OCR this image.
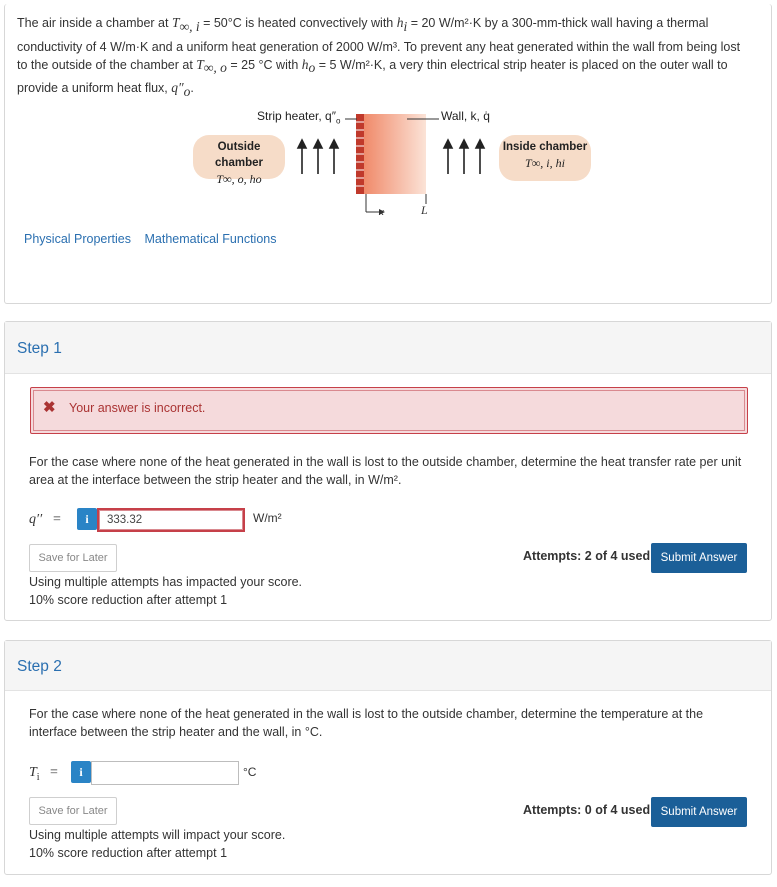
The air inside a chamber at $T_{\infty, i} = 50^\circ C$ is heated convectively with $h_i = 20$ W/m²·K by a 300-mm-thick wall having a thermal
conductivity of 4 W/m·K and a uniform heat generation of 2000 W/m³. To prevent any heat generated within the wall from being lost
to the outside of the chamber at $T_{\infty, o} = 25$ °C with $h_o = 5$ W/m²·K, a very thin electrical strip heater is placed on the outer wall to
provide a uniform heat flux, $q''_o$.
Strip heater, $q''_o$	Wall, k, q̇
Outside chamber
T∞, o, ho
Inside chamber
T∞, i, hi
x	L
Physical Properties Mathematical Functions
Step 1
✖ Your answer is incorrect.
For the case where none of the heat generated in the wall is lost to the outside chamber, determine the heat transfer rate per unit area at the interface between the strip heater and the wall, in W/m².
q′′ =	i	333.32	W/m²
Save for Later	Attempts: 2 of 4 used Submit Answer
Using multiple attempts has impacted your score.
10% score reduction after attempt 1
Step 2
For the case where none of the heat generated in the wall is lost to the outside chamber, determine the temperature at the interface between the strip heater and the wall, in °C.
$T_i$ =	i	°C
Save for Later	Attempts: 0 of 4 used Submit Answer
Using multiple attempts will impact your score.
10% score reduction after attempt 1
